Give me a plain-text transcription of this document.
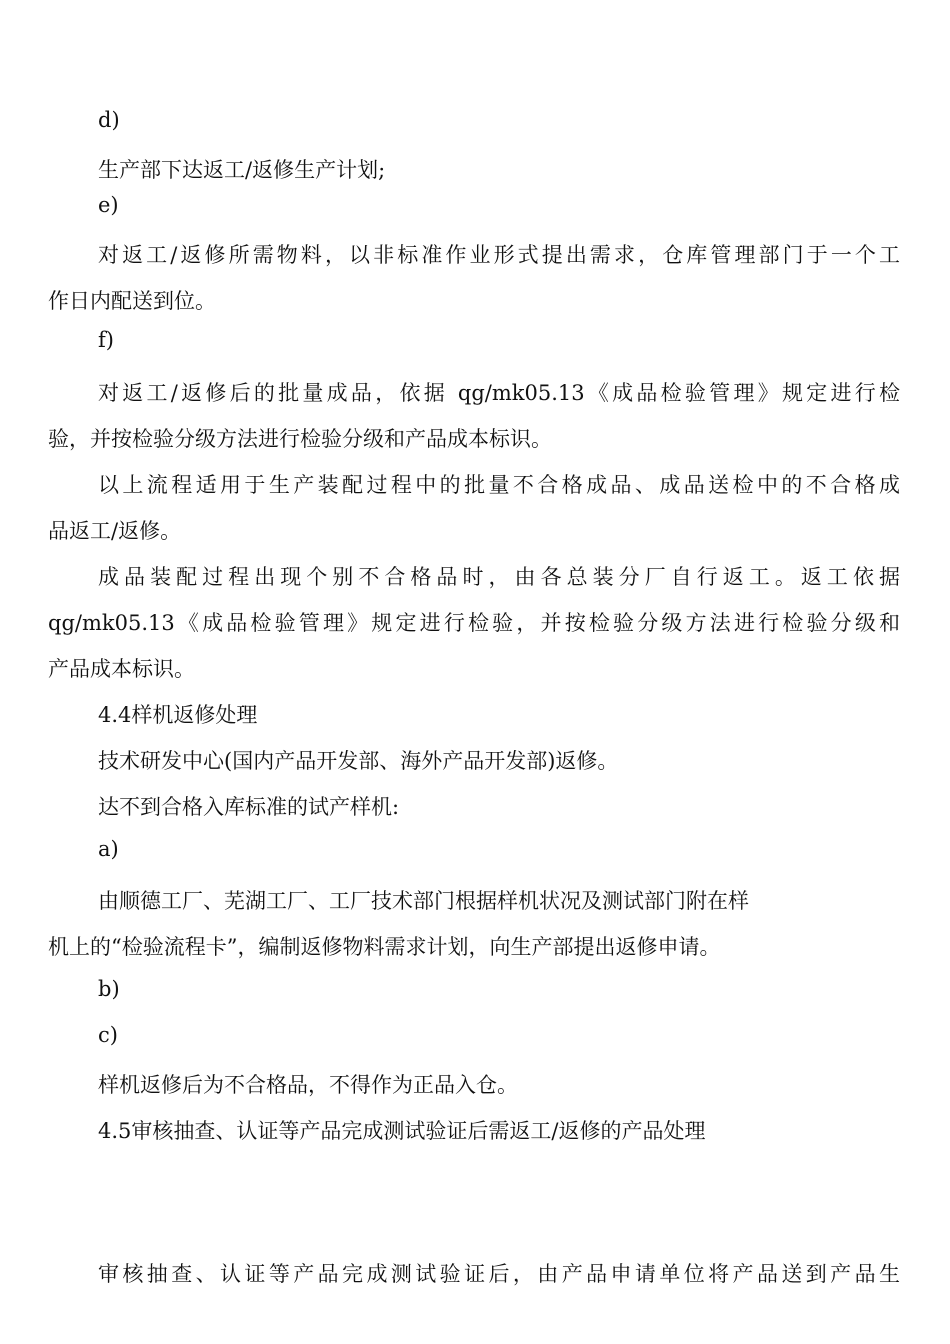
d)

生产部下达返工/返修生产计划;

e)

对返工/返修所需物料，以非标准作业形式提出需求，仓库管理部门于一个工

作日内配送到位。

f)

对返工/返修后的批量成品，依据 qg/mk05.13《成品检验管理》规定进行检

验，并按检验分级方法进行检验分级和产品成本标识。

以上流程适用于生产装配过程中的批量不合格成品、成品送检中的不合格成

品返工/返修。

成品装配过程出现个别不合格品时，由各总装分厂自行返工。返工依据

qg/mk05.13《成品检验管理》规定进行检验，并按检验分级方法进行检验分级和

产品成本标识。

4.4样机返修处理

技术研发中心(国内产品开发部、海外产品开发部)返修。

达不到合格入库标准的试产样机:

a)

由顺德工厂、芜湖工厂、工厂技术部门根据样机状况及测试部门附在样

机上的“检验流程卡”，编制返修物料需求计划，向生产部提出返修申请。

b)

c)

样机返修后为不合格品，不得作为正品入仓。

4.5审核抽查、认证等产品完成测试验证后需返工/返修的产品处理

审核抽查、认证等产品完成测试验证后，由产品申请单位将产品送到产品生
